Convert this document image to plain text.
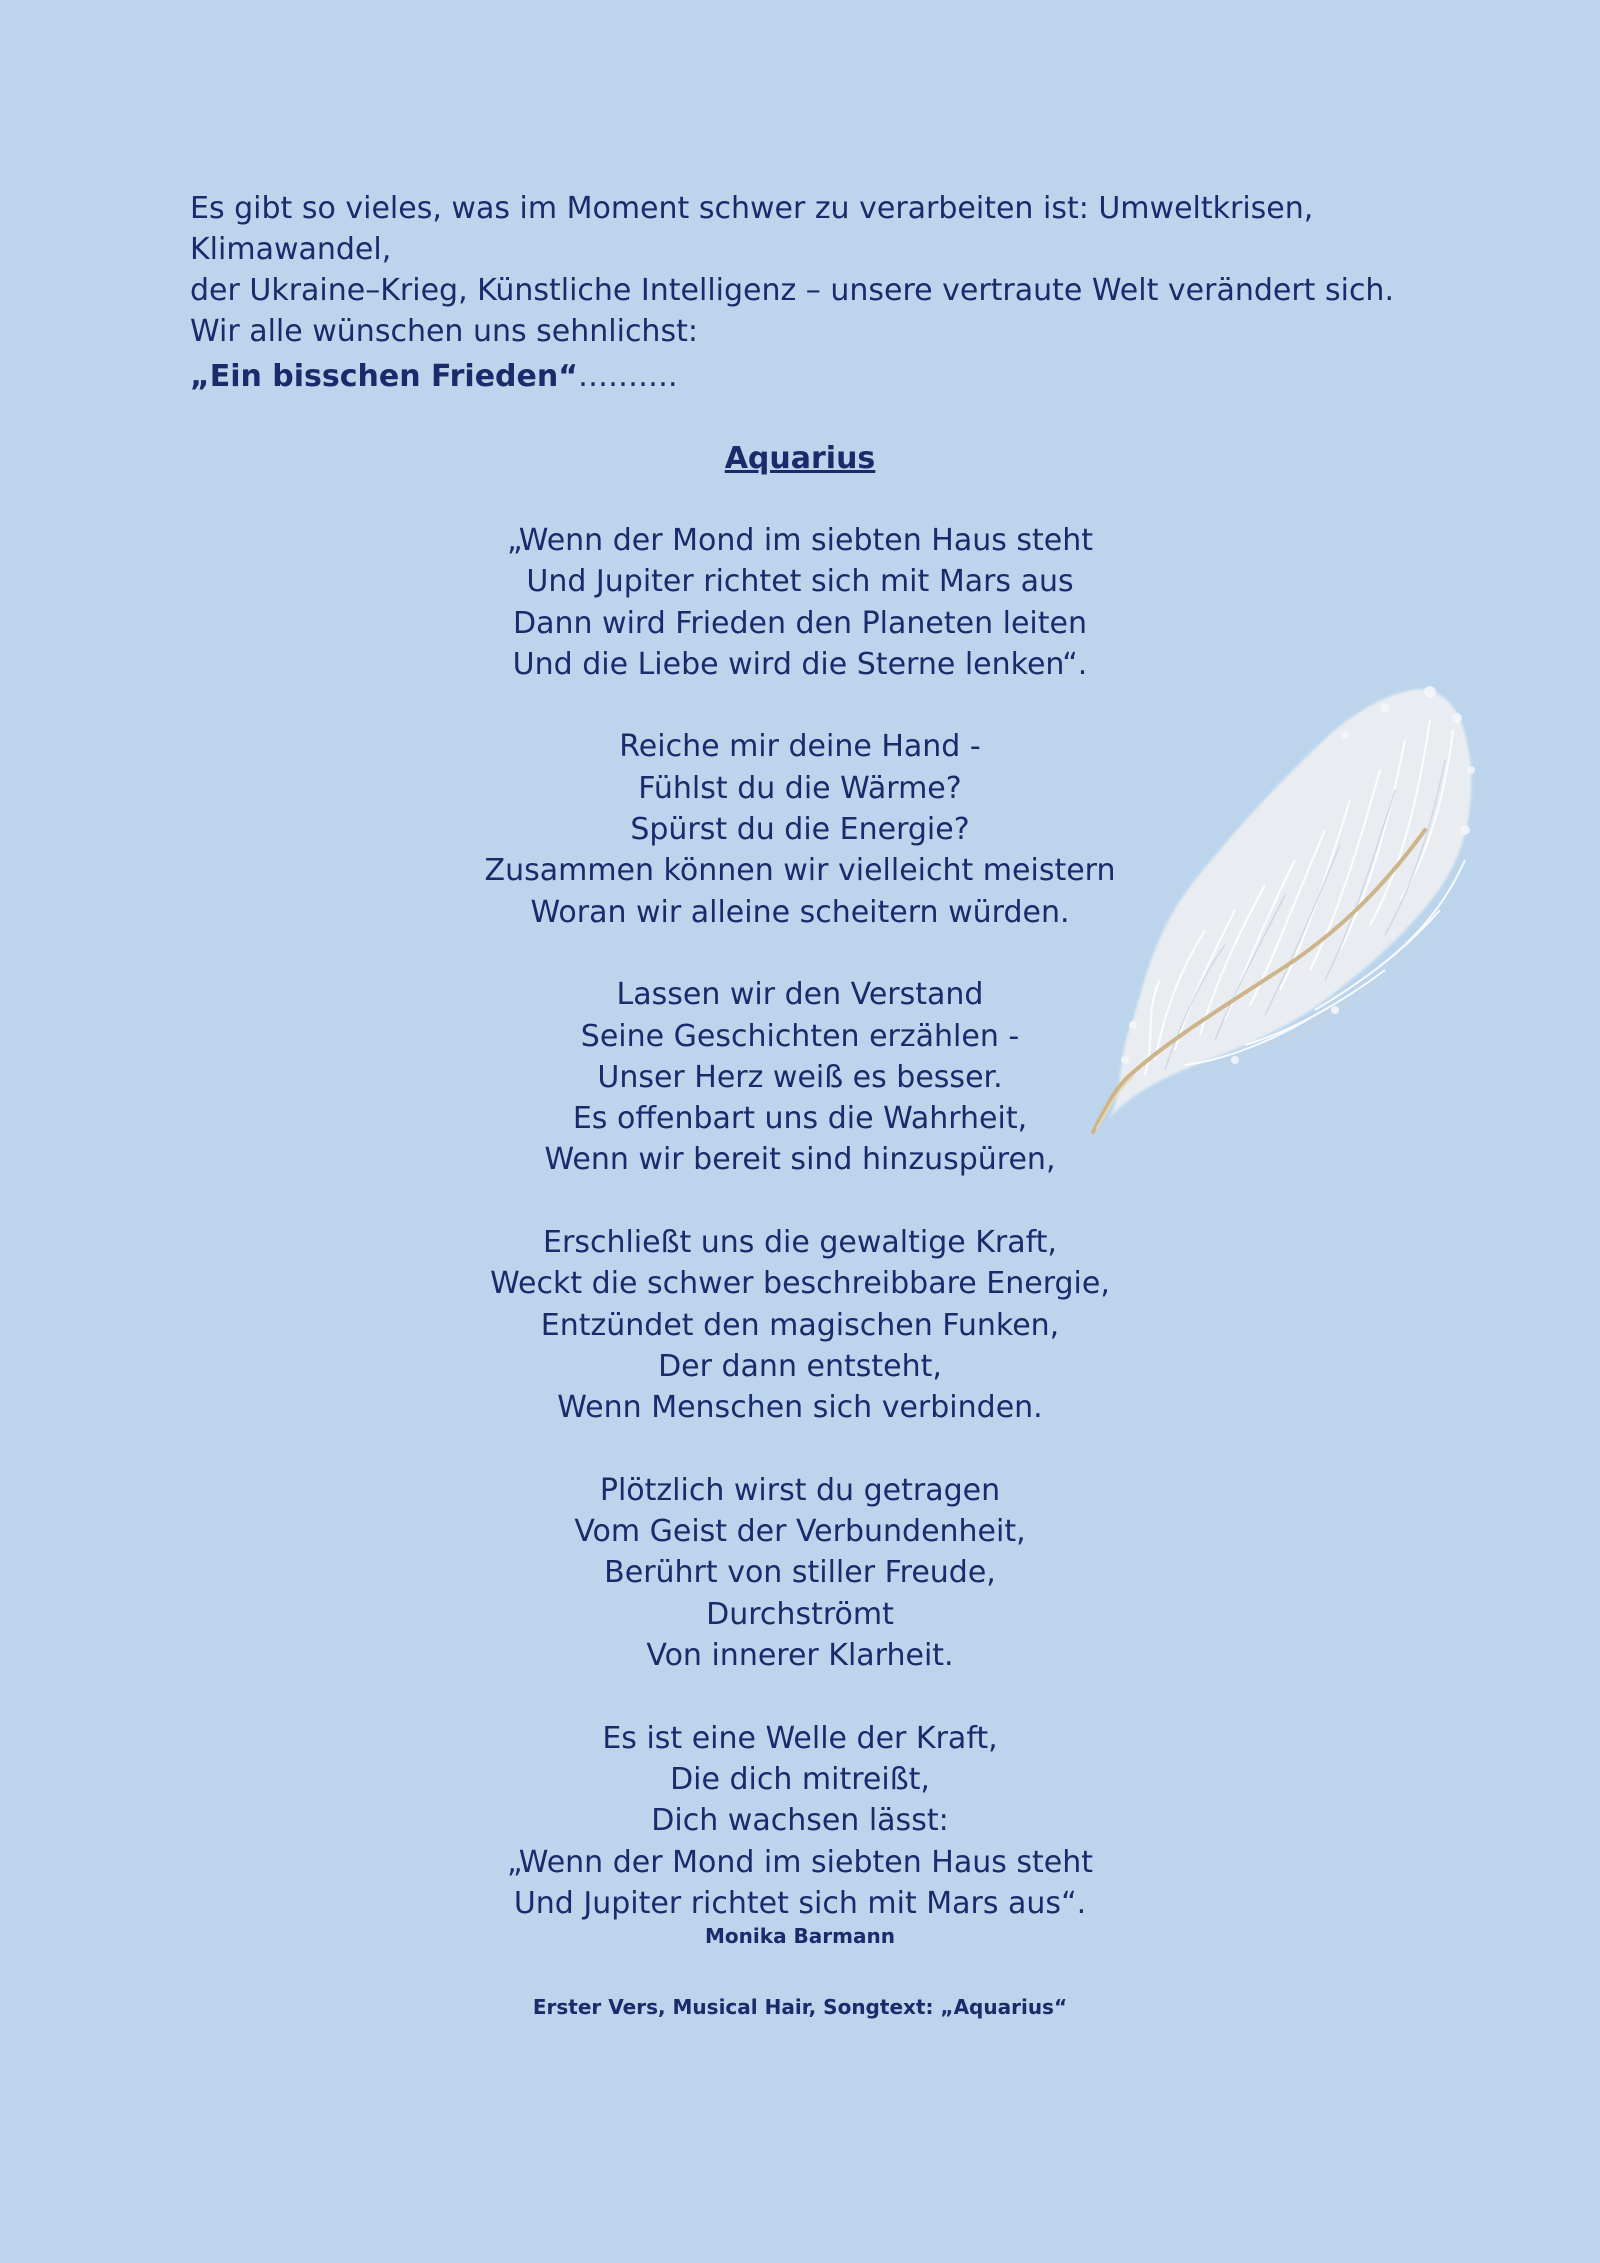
Es gibt so vieles, was im Moment schwer zu verarbeiten ist: Umweltkrisen, Klimawandel,

der Ukraine–Krieg, Künstliche Intelligenz – unsere vertraute Welt verändert sich.

Wir alle wünschen uns sehnlichst:

„Ein bisschen Frieden“……….
Aquarius
„Wenn der Mond im siebten Haus steht
Und Jupiter richtet sich mit Mars aus
Dann wird Frieden den Planeten leiten
Und die Liebe wird die Sterne lenken“.
Reiche mir deine Hand -
Fühlst du die Wärme?
Spürst du die Energie?
Zusammen können wir vielleicht meistern
Woran wir alleine scheitern würden.
Lassen wir den Verstand
Seine Geschichten erzählen -
Unser Herz weiß es besser.
Es offenbart uns die Wahrheit,
Wenn wir bereit sind hinzuspüren,
Erschließt uns die gewaltige Kraft,
Weckt die schwer beschreibbare Energie,
Entzündet den magischen Funken,
Der dann entsteht,
Wenn Menschen sich verbinden.
Plötzlich wirst du getragen
Vom Geist der Verbundenheit,
Berührt von stiller Freude,
Durchströmt
Von innerer Klarheit.
Es ist eine Welle der Kraft,
Die dich mitreißt,
Dich wachsen lässt:
„Wenn der Mond im siebten Haus steht
Und Jupiter richtet sich mit Mars aus“.
Monika Barmann
Erster Vers, Musical Hair, Songtext: „Aquarius“
